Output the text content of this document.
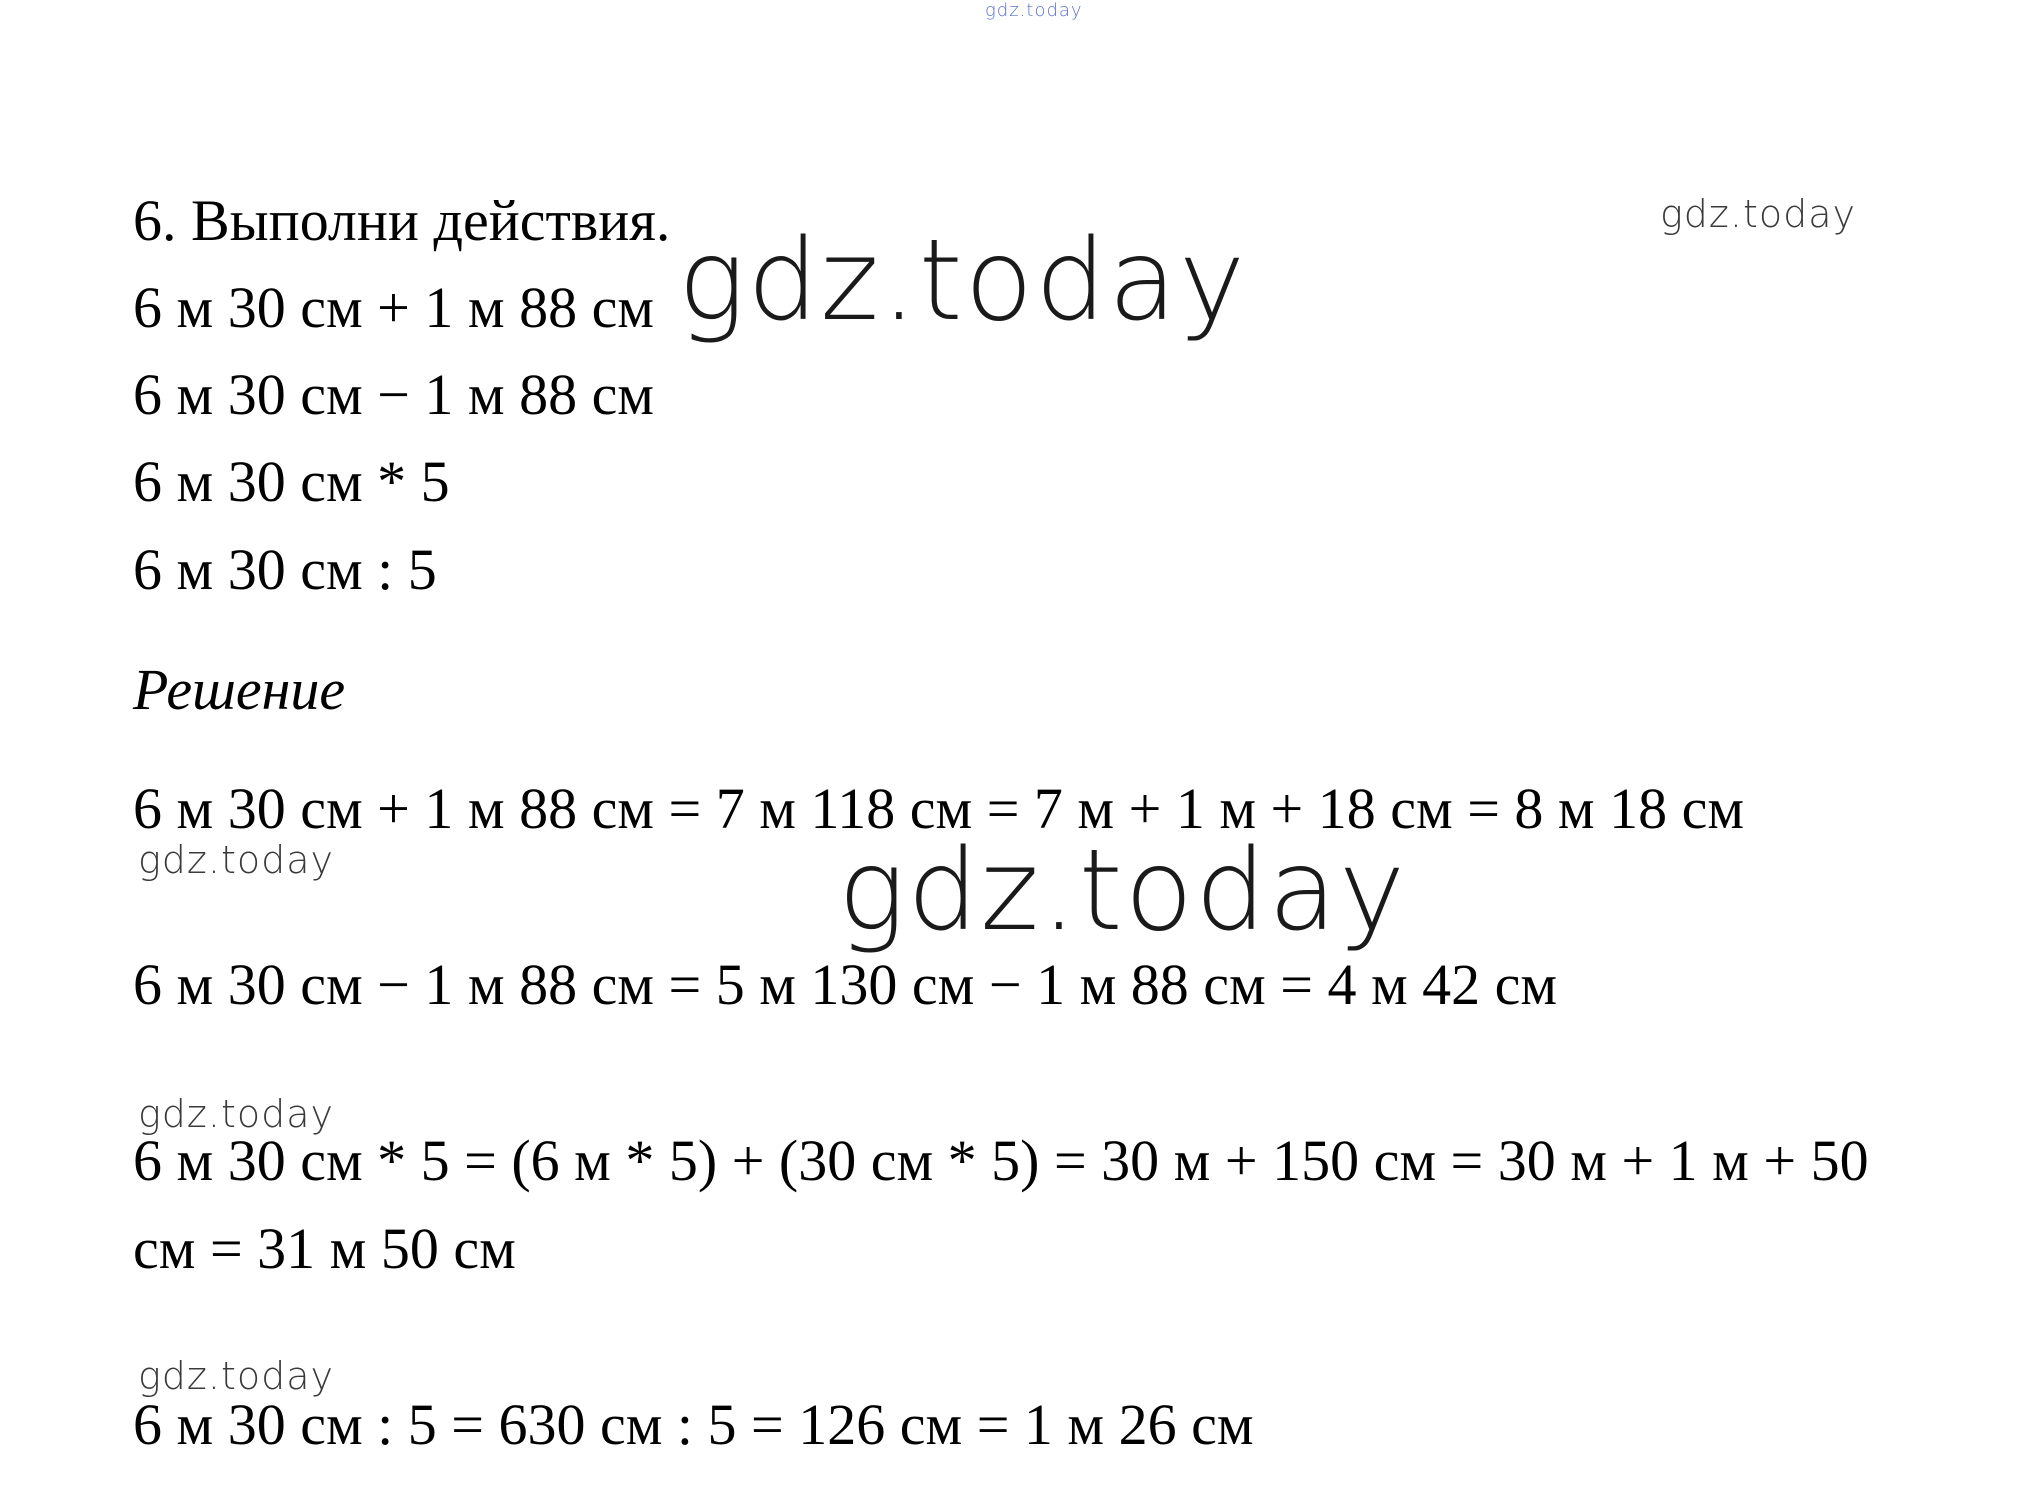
gdz.today
gdz.today
gdz.today
gdz.today	gdz.today
gdz.today
gdz.today
6. Выполни действия.
6 м 30 см + 1 м 88 см
6 м 30 см − 1 м 88 см
6 м 30 см * 5
6 м 30 см : 5
Решение
6 м 30 см + 1 м 88 см = 7 м 118 см = 7 м + 1 м + 18 см = 8 м 18 см
6 м 30 см − 1 м 88 см = 5 м 130 см − 1 м 88 см = 4 м 42 см
6 м 30 см * 5 = (6 м * 5) + (30 см * 5) = 30 м + 150 см = 30 м + 1 м + 50
см = 31 м 50 см
6 м 30 см : 5 = 630 см : 5 = 126 см = 1 м 26 см
